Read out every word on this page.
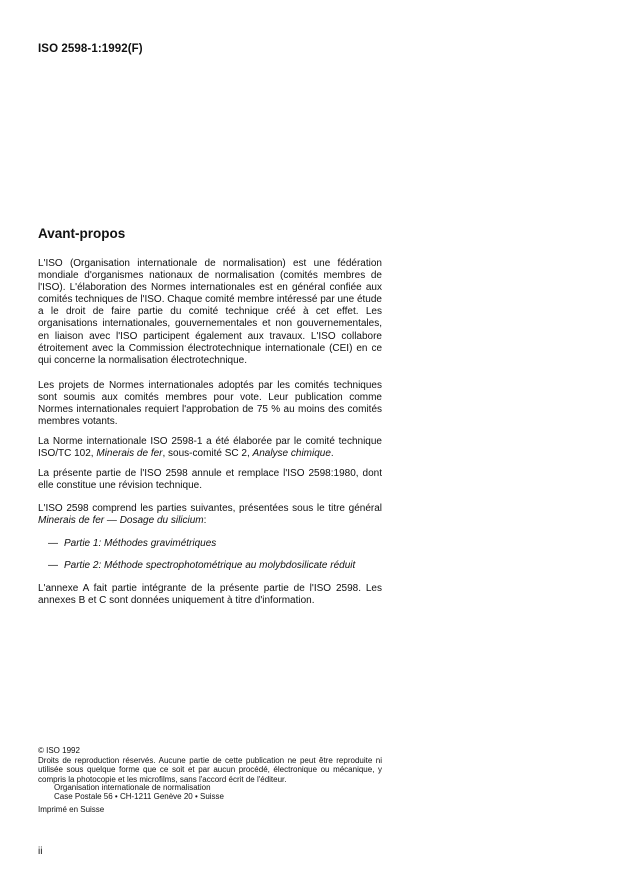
ISO 2598-1:1992(F)
Avant-propos
L'ISO (Organisation internationale de normalisation) est une fédération mondiale d'organismes nationaux de normalisation (comités membres de l'ISO). L'élaboration des Normes internationales est en général confiée aux comités techniques de l'ISO. Chaque comité membre intéressé par une étude a le droit de faire partie du comité technique créé à cet effet. Les organisations internationales, gouvernementales et non gouvernementales, en liaison avec l'ISO participent également aux travaux. L'ISO collabore étroitement avec la Commission électrotechnique internationale (CEI) en ce qui concerne la normalisation électrotechnique.
Les projets de Normes internationales adoptés par les comités techniques sont soumis aux comités membres pour vote. Leur publication comme Normes internationales requiert l'approbation de 75 % au moins des comités membres votants.
La Norme internationale ISO 2598-1 a été élaborée par le comité technique ISO/TC 102, Minerais de fer, sous-comité SC 2, Analyse chimique.
La présente partie de l'ISO 2598 annule et remplace l'ISO 2598:1980, dont elle constitue une révision technique.
L'ISO 2598 comprend les parties suivantes, présentées sous le titre général Minerais de fer — Dosage du silicium:
— Partie 1: Méthodes gravimétriques
— Partie 2: Méthode spectrophotométrique au molybdosilicate réduit
L'annexe A fait partie intégrante de la présente partie de l'ISO 2598. Les annexes B et C sont données uniquement à titre d'information.
© ISO 1992
Droits de reproduction réservés. Aucune partie de cette publication ne peut être reproduite ni utilisée sous quelque forme que ce soit et par aucun procédé, électronique ou mécanique, y compris la photocopie et les microfilms, sans l'accord écrit de l'éditeur.
Organisation internationale de normalisation
Case Postale 56 • CH-1211 Genève 20 • Suisse
Imprimé en Suisse
ii
